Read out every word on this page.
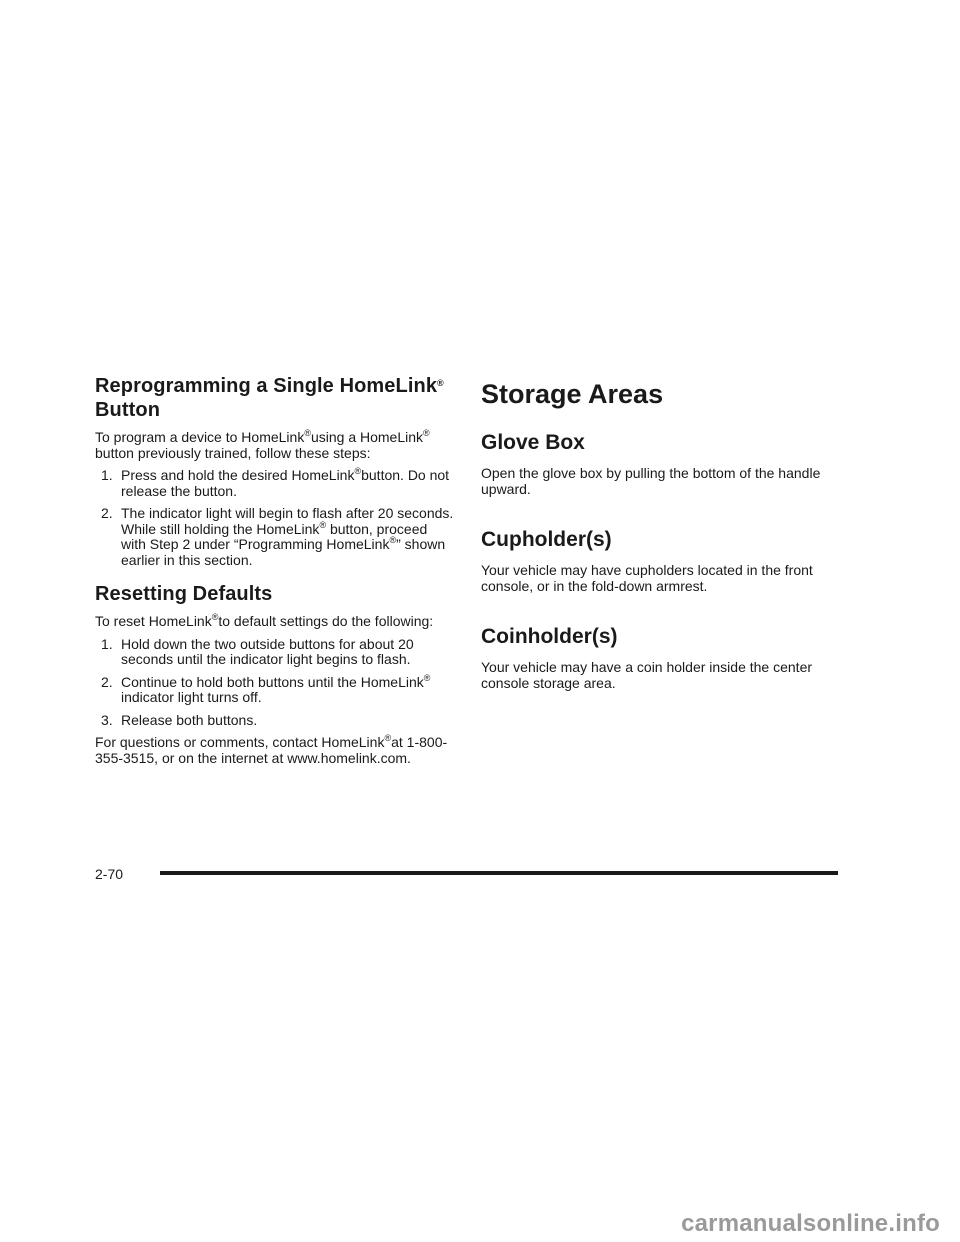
Reprogramming a Single HomeLink®
Button

To program a device to HomeLink®using a HomeLink® button previously trained, follow these steps:

1. Press and hold the desired HomeLink®button. Do not release the button.
2. The indicator light will begin to flash after 20 seconds. While still holding the HomeLink® button, proceed with Step 2 under “Programming HomeLink®” shown earlier in this section.
Resetting Defaults

To reset HomeLink®to default settings do the following:

1. Hold down the two outside buttons for about 20 seconds until the indicator light begins to flash.
2. Continue to hold both buttons until the HomeLink® indicator light turns off.
3. Release both buttons.

For questions or comments, contact HomeLink®at 1-800-355-3515, or on the internet at www.homelink.com.

Storage Areas
Glove Box

Open the glove box by pulling the bottom of the handle upward.

Cupholder(s)

Your vehicle may have cupholders located in the front console, or in the fold-down armrest.

Coinholder(s)

Your vehicle may have a coin holder inside the center console storage area.

2-70
carmanualsonline.info
